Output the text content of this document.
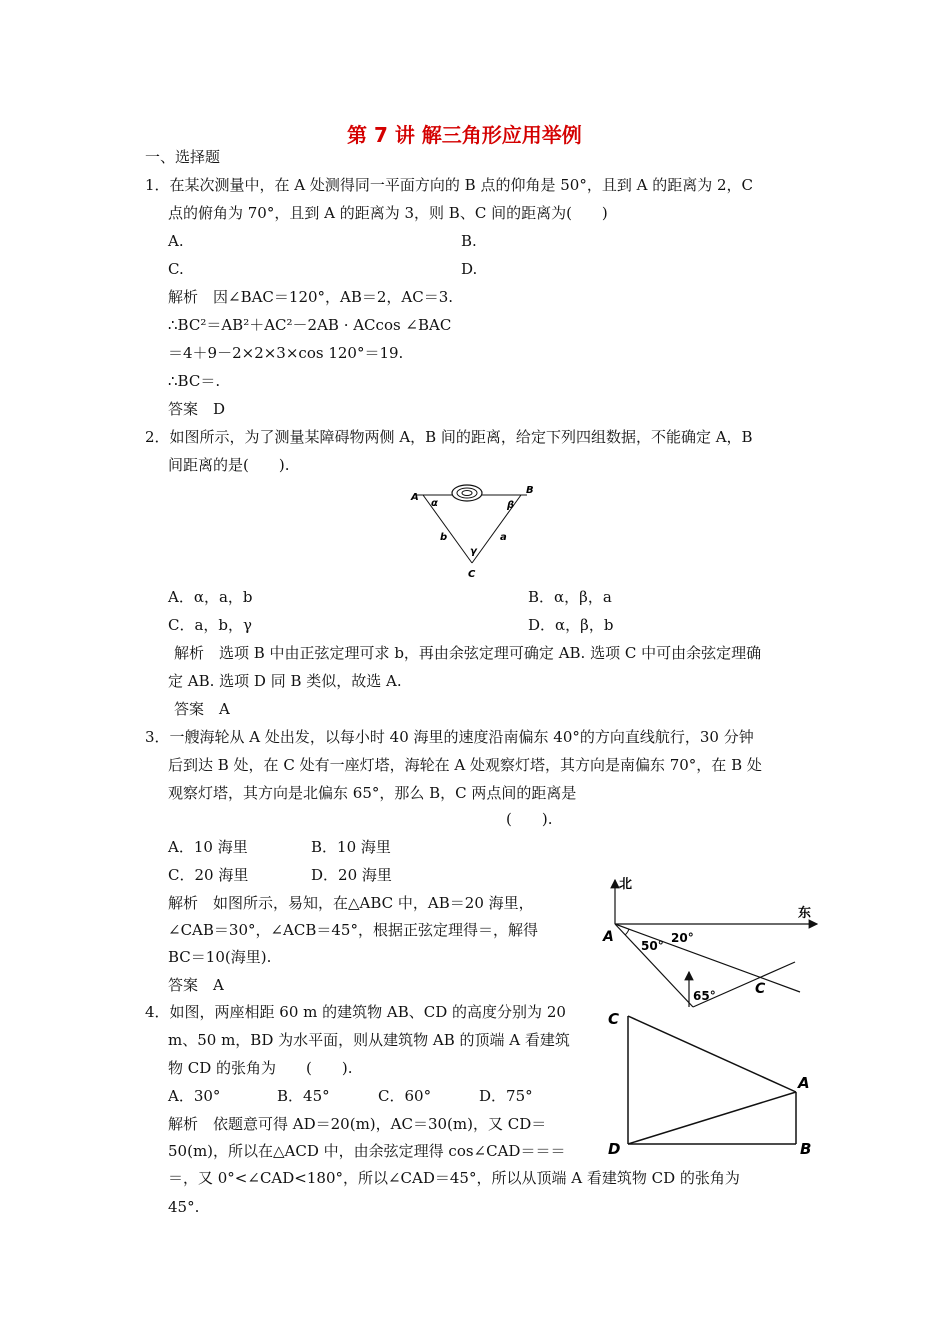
第 7 讲 解三角形应用举例
一、选择题
1．在某次测量中，在 A 处测得同一平面方向的 B 点的仰角是 50°，且到 A 的距离为 2，C
点的俯角为 70°，且到 A 的距离为 3，则 B、C 间的距离为(　　)
A.	B.
C.	D.
解析　因∠BAC＝120°，AB＝2，AC＝3.
∴BC²＝AB²＋AC²－2AB · ACcos ∠BAC
＝4＋9－2×2×3×cos 120°＝19.
∴BC＝.
答案　D
2．如图所示，为了测量某障碍物两侧 A，B 间的距离，给定下列四组数据，不能确定 A，B
间距离的是(　　).
A
B
C
α	β
γ
b	a
A．α，a，b	B．α，β，a
C．a，b，γ	D．α，β，b
解析　选项 B 中由正弦定理可求 b，再由余弦定理可确定 AB. 选项 C 中可由余弦定理确
定 AB. 选项 D 同 B 类似，故选 A.
答案　A
3．一艘海轮从 A 处出发，以每小时 40 海里的速度沿南偏东 40°的方向直线航行，30 分钟
后到达 B 处，在 C 处有一座灯塔，海轮在 A 处观察灯塔，其方向是南偏东 70°，在 B 处
观察灯塔，其方向是北偏东 65°，那么 B，C 两点间的距离是
(　　).
A．10 海里	B．10 海里
C．20 海里	D．20 海里
解析　如图所示，易知，在△ABC 中，AB＝20 海里，
∠CAB＝30°，∠ACB＝45°，根据正弦定理得＝，解得
BC＝10(海里).
答案　A
北
东
A
C
50°
20°
65°
4．如图，两座相距 60 m 的建筑物 AB、CD 的高度分别为 20
m、50 m，BD 为水平面，则从建筑物 AB 的顶端 A 看建筑
物 CD 的张角为　　(　　).
A．30°	B．45°	C．60°	D．75°
解析　依题意可得 AD＝20(m)，AC＝30(m)，又 CD＝
50(m)，所以在△ACD 中，由余弦定理得 cos∠CAD＝＝＝
＝，又 0°<∠CAD<180°，所以∠CAD＝45°，所以从顶端 A 看建筑物 CD 的张角为
45°.
C
A
D	B
